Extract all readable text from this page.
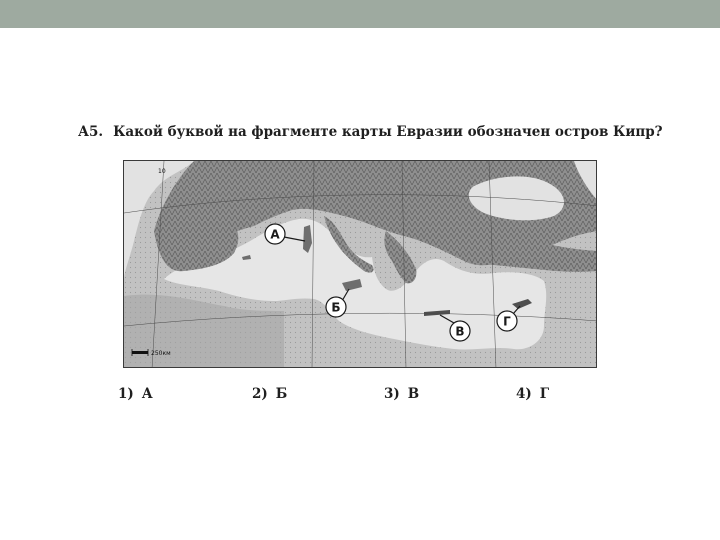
А5. Какой буквой на фрагменте карты Евразии обозначен остров Кипр?
10
А
Б
В
Г
250км
1) А	2) Б	3) В	4) Г
